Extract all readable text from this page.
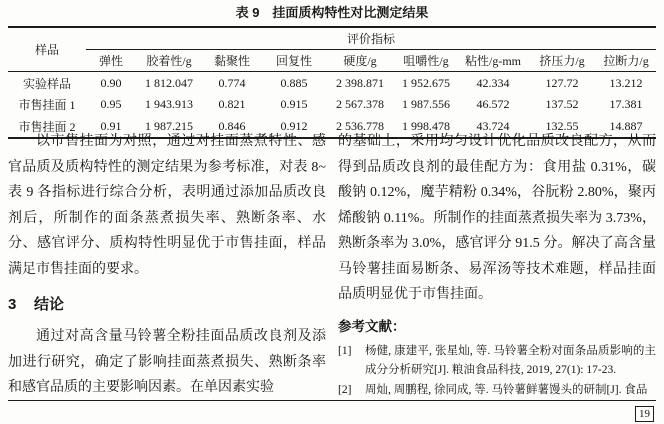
表 9　挂面质构特性对比测定结果
样品	评价指标								
	弹性	胶着性/g	黏聚性	回复性	硬度/g	咀嚼性/g	粘性/g-mm	挤压力/g	拉断力/g
实验样品	0.90	1 812.047	0.774	0.885	2 398.871	1 952.675	42.334	127.72	13.212
市售挂面 1	0.95	1 943.913	0.821	0.915	2 567.378	1 987.556	46.572	137.52	17.381
市售挂面 2	0.91	1 987.215	0.846	0.912	2 536.778	1 998.478	43.724	132.55	14.887

以市售挂面为对照，通过对挂面蒸煮特性、感官品质及质构特性的测定结果为参考标准，对表 8~表 9 各指标进行综合分析，表明通过添加品质改良剂后，所制作的面条蒸煮损失率、熟断条率、水分、感官评分、质构特性明显优于市售挂面，样品满足市售挂面的要求。

3 结论

通过对高含量马铃薯全粉挂面品质改良剂及添加进行研究，确定了影响挂面蒸煮损失、熟断条率和感官品质的主要影响因素。在单因素实验

的基础上，采用均匀设计优化品质改良配方，从而得到品质改良剂的最佳配方为：食用盐 0.31%，碳酸钠 0.12%，魔芋精粉 0.34%，谷朊粉 2.80%，聚丙烯酸钠 0.11%。所制作的挂面蒸煮损失率为 3.73%，熟断条率为 3.0%，感官评分 91.5 分。解决了高含量马铃薯挂面易断条、易浑汤等技术难题，样品挂面品质明显优于市售挂面。

参考文献：
[1]	杨健, 康建平, 张星灿, 等. 马铃薯全粉对面条品质影响的主成分分析研究[J]. 粮油食品科技, 2019, 27(1): 17-23.
[2]	周灿, 周鹏程, 徐同成, 等. 马铃薯鲜薯馒头的研制[J]. 食品
19
